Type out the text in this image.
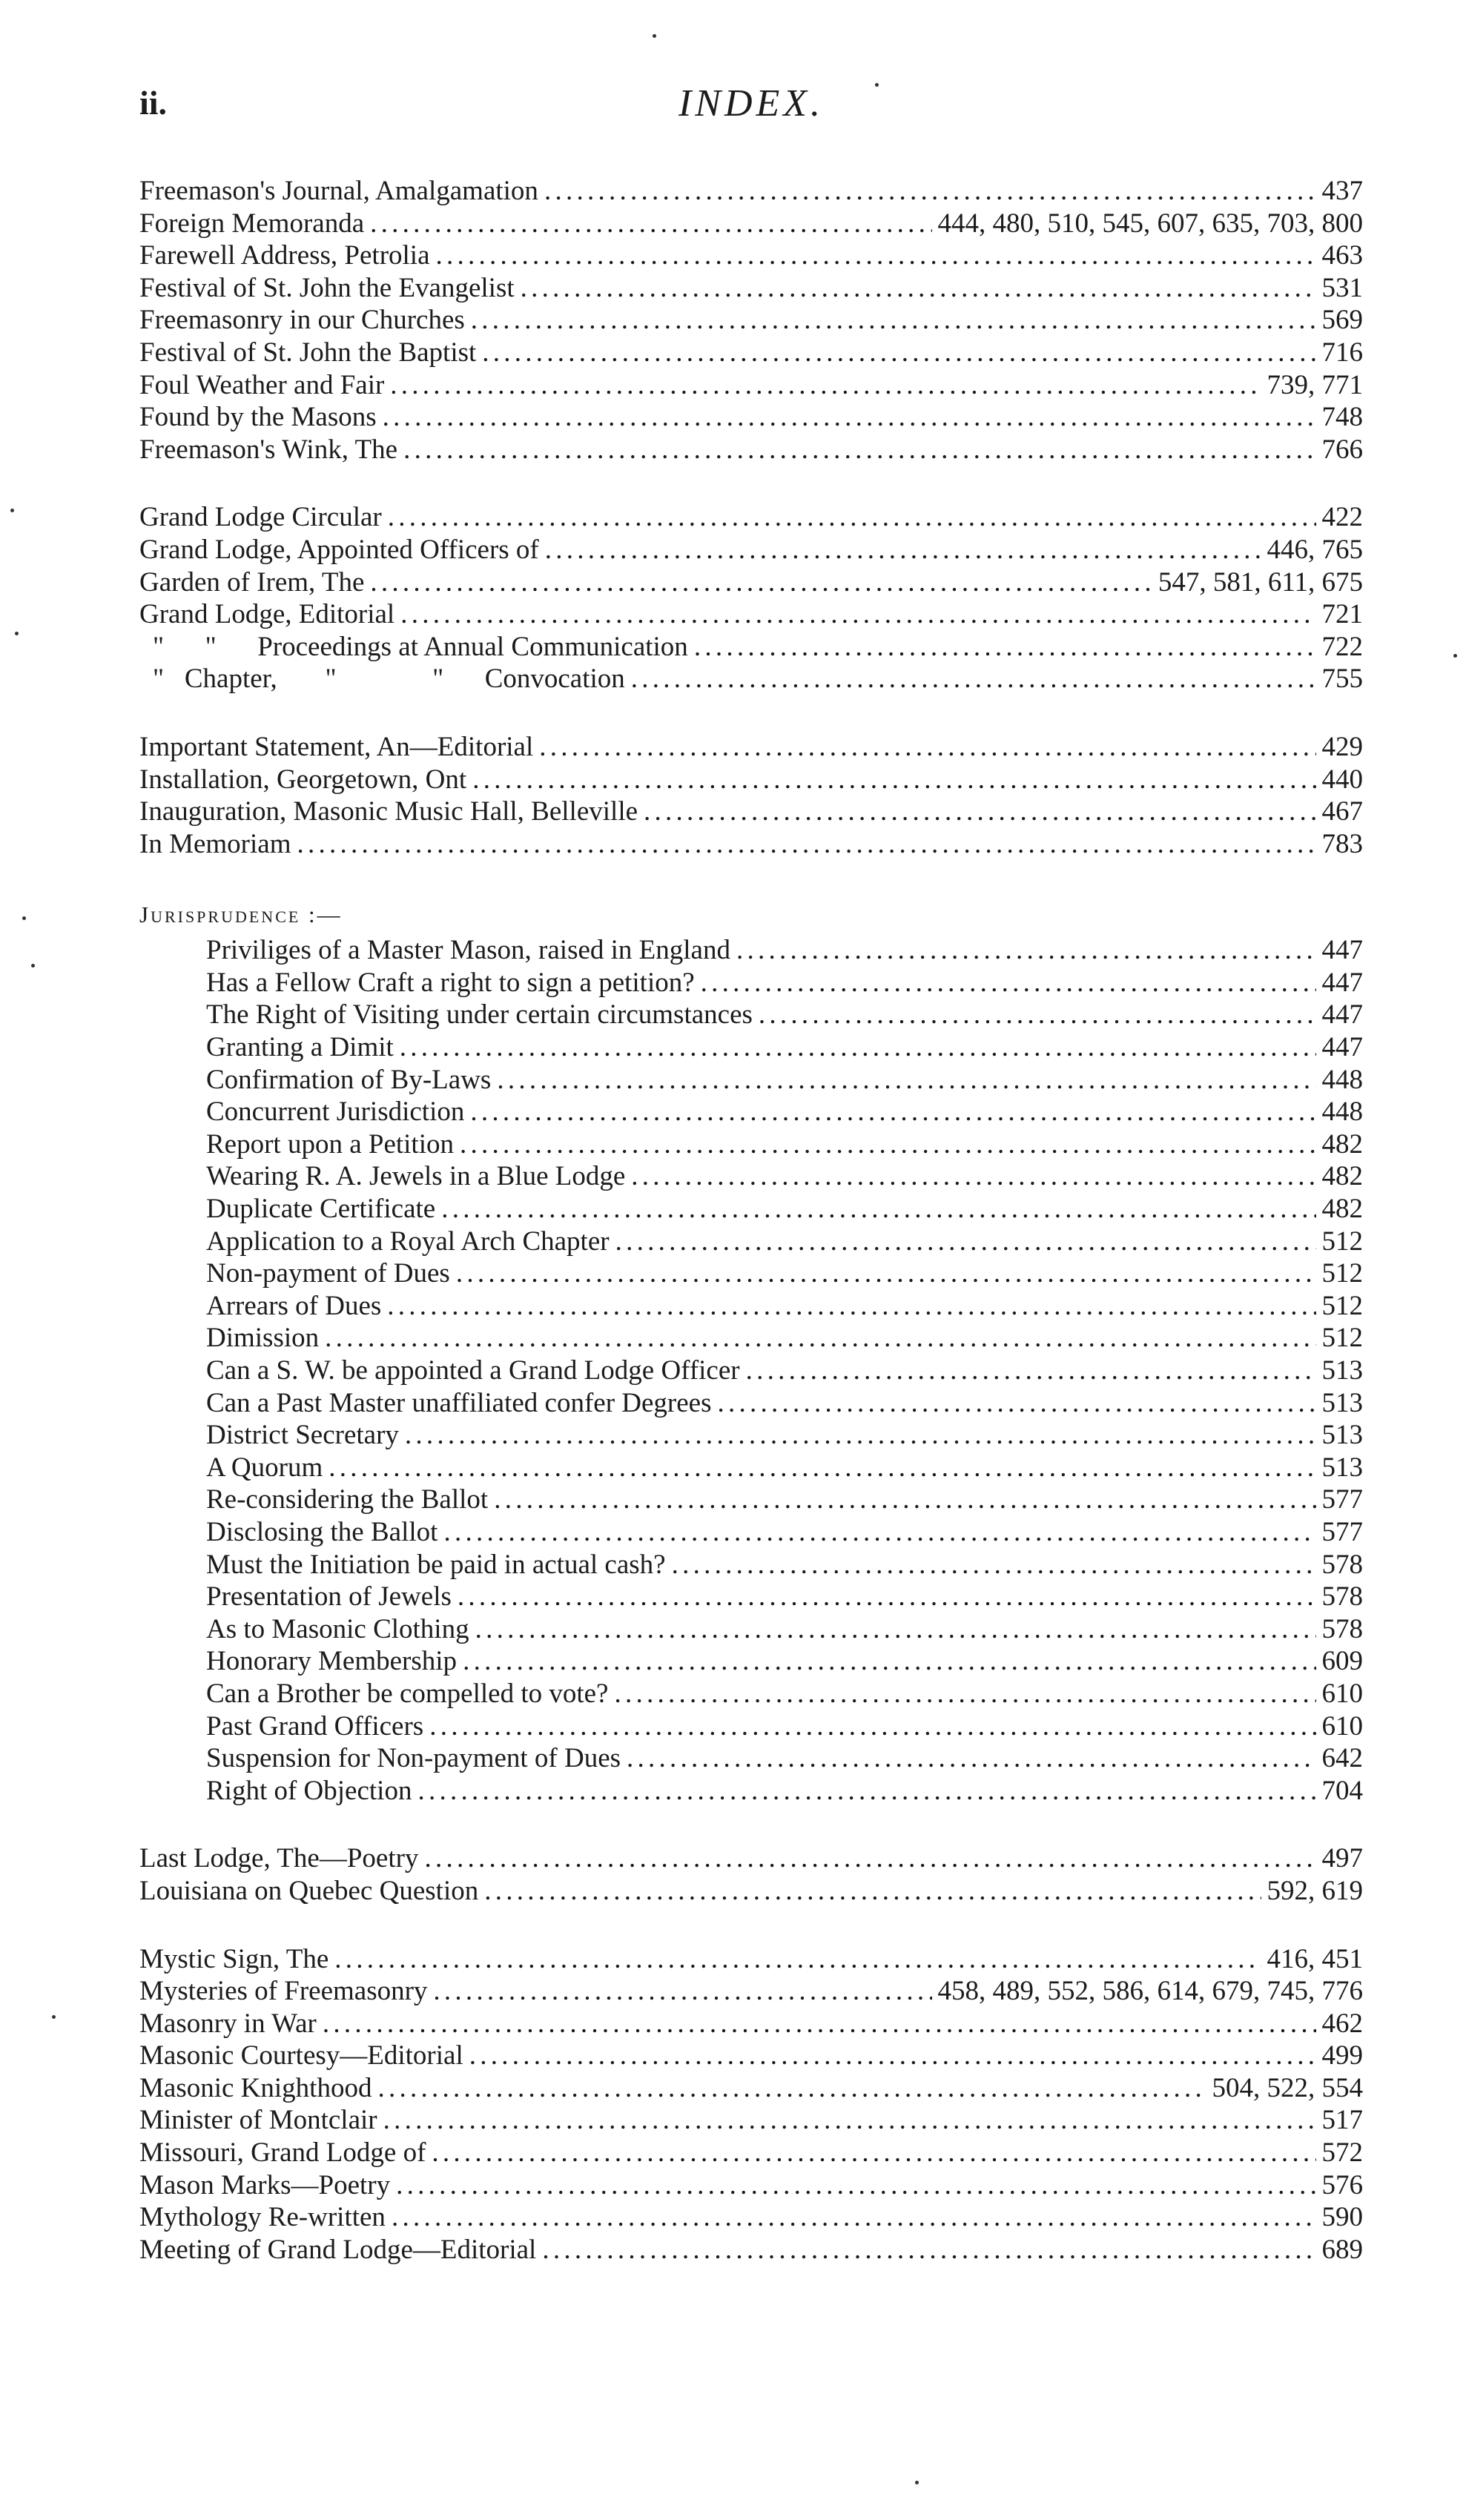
ii.	INDEX.
Freemason's Journal, Amalgamation . . .	437
Foreign Memoranda . . .	444, 480, 510, 545, 607, 635, 703, 800
Farewell Address, Petrolia . . .	463
Festival of St. John the Evangelist . . .	531
Freemasonry in our Churches . . .	569
Festival of St. John the Baptist . . .	716
Foul Weather and Fair . . .	739, 771
Found by the Masons . . .	748
Freemason's Wink, The . . .	766
Grand Lodge Circular . . .	422
Grand Lodge, Appointed Officers of . . .	446, 765
Garden of Irem, The . . .	547, 581, 611, 675
Grand Lodge, Editorial . . .	721
"      "      Proceedings at Annual Communication . . .	722
"   Chapter,       "              "      Convocation . . .	755
Important Statement, An—Editorial . . .	429
Installation, Georgetown, Ont . . .	440
Inauguration, Masonic Music Hall, Belleville . . .	467
In Memoriam . . .	783
Jurisprudence :—
Priviliges of a Master Mason, raised in England . . .	447
Has a Fellow Craft a right to sign a petition? . . .	447
The Right of Visiting under certain circumstances . . .	447
Granting a Dimit . . .	447
Confirmation of By-Laws . . .	448
Concurrent Jurisdiction . . .	448
Report upon a Petition . . .	482
Wearing R. A. Jewels in a Blue Lodge . . .	482
Duplicate Certificate . . .	482
Application to a Royal Arch Chapter . . .	512
Non-payment of Dues . . .	512
Arrears of Dues . . .	512
Dimission . . .	512
Can a S. W. be appointed a Grand Lodge Officer . . .	513
Can a Past Master unaffiliated confer Degrees . . .	513
District Secretary . . .	513
A Quorum . . .	513
Re-considering the Ballot . . .	577
Disclosing the Ballot . . .	577
Must the Initiation be paid in actual cash? . . .	578
Presentation of Jewels . . .	578
As to Masonic Clothing . . .	578
Honorary Membership . . .	609
Can a Brother be compelled to vote? . . .	610
Past Grand Officers . . .	610
Suspension for Non-payment of Dues . . .	642
Right of Objection . . .	704
Last Lodge, The—Poetry . . .	497
Louisiana on Quebec Question . . .	592, 619
Mystic Sign, The . . .	416, 451
Mysteries of Freemasonry . . .	458, 489, 552, 586, 614, 679, 745, 776
Masonry in War . . .	462
Masonic Courtesy—Editorial . . .	499
Masonic Knighthood . . .	504, 522, 554
Minister of Montclair . . .	517
Missouri, Grand Lodge of . . .	572
Mason Marks—Poetry . . .	576
Mythology Re-written . . .	590
Meeting of Grand Lodge—Editorial . . .	689
